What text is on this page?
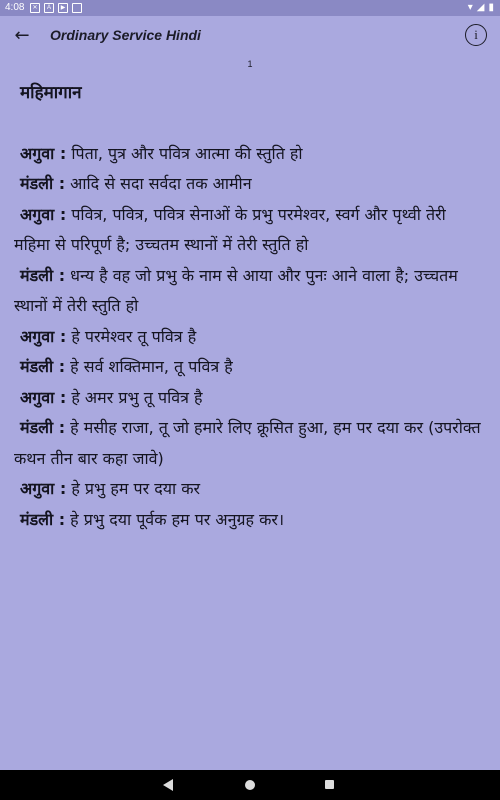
4:08	✕	A	▶	▾ ◢ ▮
←	Ordinary Service Hindi	i
1

महिमागान

अगुवा : पिता, पुत्र और पवित्र आत्मा की स्तुति हो

मंडली : आदि से सदा सर्वदा तक आमीन

अगुवा : पवित्र, पवित्र, पवित्र सेनाओं के प्रभु परमेश्वर, स्वर्ग और पृथ्वी तेरी महिमा से परिपूर्ण है; उच्चतम स्थानों में तेरी स्तुति हो

मंडली : धन्य है वह जो प्रभु के नाम से आया और पुनः आने वाला है; उच्चतम स्थानों में तेरी स्तुति हो

अगुवा : हे परमेश्वर तू पवित्र है

मंडली : हे सर्व शक्तिमान, तू पवित्र है

अगुवा : हे अमर प्रभु तू पवित्र है

मंडली : हे मसीह राजा, तू जो हमारे लिए क्रूसित हुआ, हम पर दया कर (उपरोक्त कथन तीन बार कहा जावे)

अगुवा : हे प्रभु हम पर दया कर

मंडली : हे प्रभु दया पूर्वक हम पर अनुग्रह कर।
